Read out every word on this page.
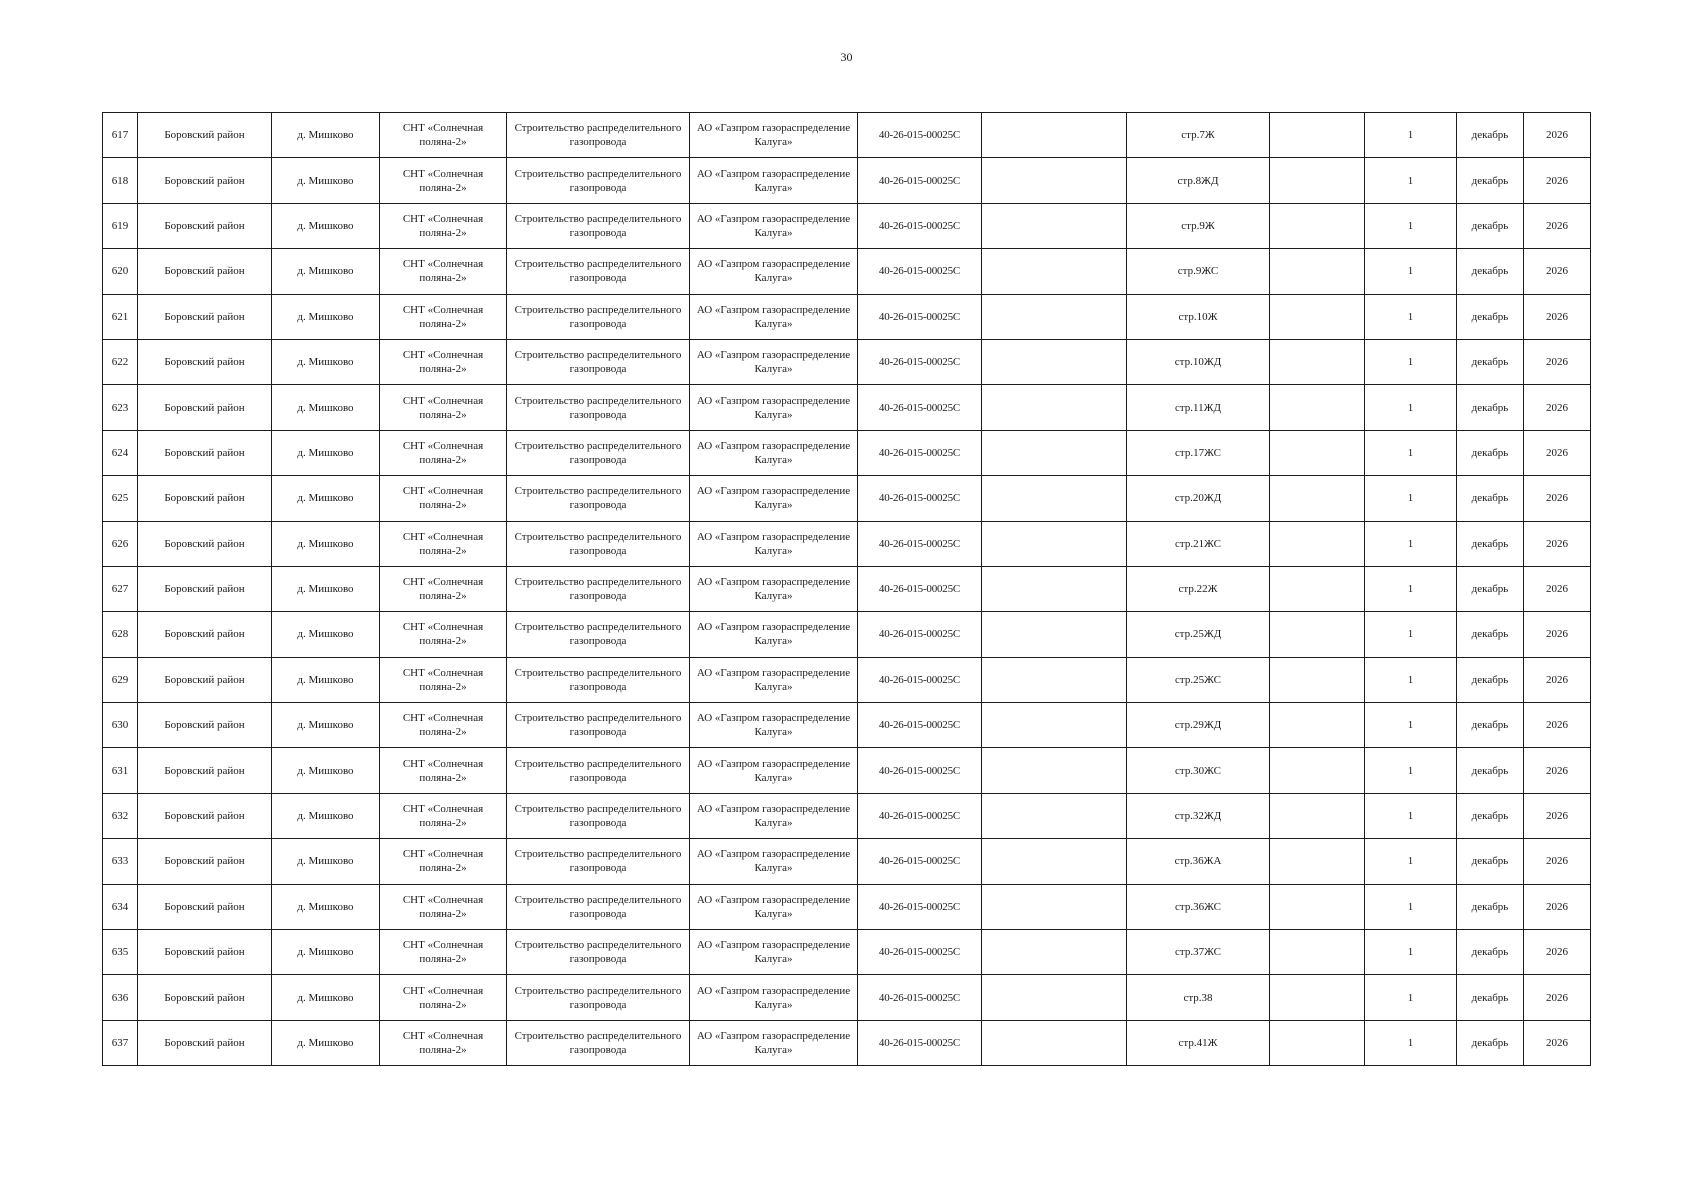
30
617	Боровский район	д. Мишково	СНТ «Солнечная поляна-2»	Строительство распределительного газопровода	АО «Газпром газораспределение Калуга»	40-26-015-00025С		стр.7Ж		1	декабрь	2026
618	Боровский район	д. Мишково	СНТ «Солнечная поляна-2»	Строительство распределительного газопровода	АО «Газпром газораспределение Калуга»	40-26-015-00025С		стр.8ЖД		1	декабрь	2026
619	Боровский район	д. Мишково	СНТ «Солнечная поляна-2»	Строительство распределительного газопровода	АО «Газпром газораспределение Калуга»	40-26-015-00025С		стр.9Ж		1	декабрь	2026
620	Боровский район	д. Мишково	СНТ «Солнечная поляна-2»	Строительство распределительного газопровода	АО «Газпром газораспределение Калуга»	40-26-015-00025С		стр.9ЖС		1	декабрь	2026
621	Боровский район	д. Мишково	СНТ «Солнечная поляна-2»	Строительство распределительного газопровода	АО «Газпром газораспределение Калуга»	40-26-015-00025С		стр.10Ж		1	декабрь	2026
622	Боровский район	д. Мишково	СНТ «Солнечная поляна-2»	Строительство распределительного газопровода	АО «Газпром газораспределение Калуга»	40-26-015-00025С		стр.10ЖД		1	декабрь	2026
623	Боровский район	д. Мишково	СНТ «Солнечная поляна-2»	Строительство распределительного газопровода	АО «Газпром газораспределение Калуга»	40-26-015-00025С		стр.11ЖД		1	декабрь	2026
624	Боровский район	д. Мишково	СНТ «Солнечная поляна-2»	Строительство распределительного газопровода	АО «Газпром газораспределение Калуга»	40-26-015-00025С		стр.17ЖС		1	декабрь	2026
625	Боровский район	д. Мишково	СНТ «Солнечная поляна-2»	Строительство распределительного газопровода	АО «Газпром газораспределение Калуга»	40-26-015-00025С		стр.20ЖД		1	декабрь	2026
626	Боровский район	д. Мишково	СНТ «Солнечная поляна-2»	Строительство распределительного газопровода	АО «Газпром газораспределение Калуга»	40-26-015-00025С		стр.21ЖС		1	декабрь	2026
627	Боровский район	д. Мишково	СНТ «Солнечная поляна-2»	Строительство распределительного газопровода	АО «Газпром газораспределение Калуга»	40-26-015-00025С		стр.22Ж		1	декабрь	2026
628	Боровский район	д. Мишково	СНТ «Солнечная поляна-2»	Строительство распределительного газопровода	АО «Газпром газораспределение Калуга»	40-26-015-00025С		стр.25ЖД		1	декабрь	2026
629	Боровский район	д. Мишково	СНТ «Солнечная поляна-2»	Строительство распределительного газопровода	АО «Газпром газораспределение Калуга»	40-26-015-00025С		стр.25ЖС		1	декабрь	2026
630	Боровский район	д. Мишково	СНТ «Солнечная поляна-2»	Строительство распределительного газопровода	АО «Газпром газораспределение Калуга»	40-26-015-00025С		стр.29ЖД		1	декабрь	2026
631	Боровский район	д. Мишково	СНТ «Солнечная поляна-2»	Строительство распределительного газопровода	АО «Газпром газораспределение Калуга»	40-26-015-00025С		стр.30ЖС		1	декабрь	2026
632	Боровский район	д. Мишково	СНТ «Солнечная поляна-2»	Строительство распределительного газопровода	АО «Газпром газораспределение Калуга»	40-26-015-00025С		стр.32ЖД		1	декабрь	2026
633	Боровский район	д. Мишково	СНТ «Солнечная поляна-2»	Строительство распределительного газопровода	АО «Газпром газораспределение Калуга»	40-26-015-00025С		стр.36ЖА		1	декабрь	2026
634	Боровский район	д. Мишково	СНТ «Солнечная поляна-2»	Строительство распределительного газопровода	АО «Газпром газораспределение Калуга»	40-26-015-00025С		стр.36ЖС		1	декабрь	2026
635	Боровский район	д. Мишково	СНТ «Солнечная поляна-2»	Строительство распределительного газопровода	АО «Газпром газораспределение Калуга»	40-26-015-00025С		стр.37ЖС		1	декабрь	2026
636	Боровский район	д. Мишково	СНТ «Солнечная поляна-2»	Строительство распределительного газопровода	АО «Газпром газораспределение Калуга»	40-26-015-00025С		стр.38		1	декабрь	2026
637	Боровский район	д. Мишково	СНТ «Солнечная поляна-2»	Строительство распределительного газопровода	АО «Газпром газораспределение Калуга»	40-26-015-00025С		стр.41Ж		1	декабрь	2026
